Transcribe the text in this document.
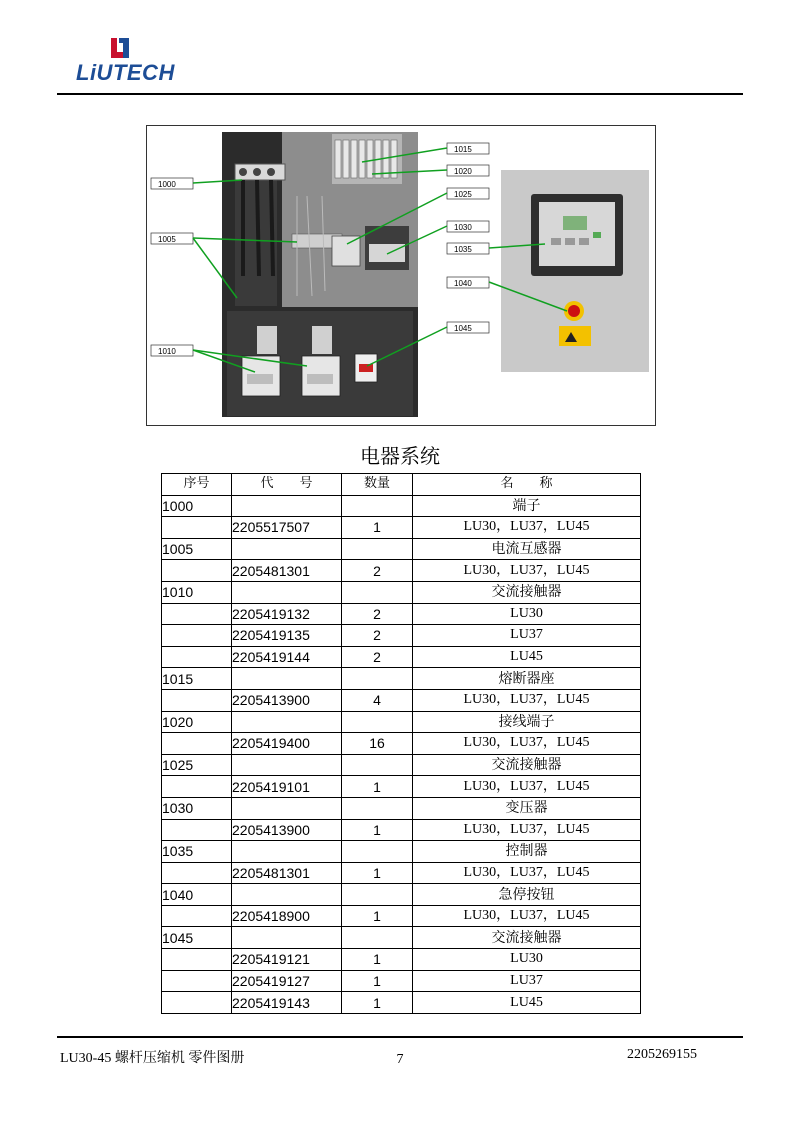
LiUTECH
1000
1005
1010
1015
1020
1025
1030
1035
1040
1045
电器系统
序号	代　　号	数量	名　　称
1000			端子
	2205517507	1	LU30，LU37，LU45
1005			电流互感器
	2205481301	2	LU30，LU37，LU45
1010			交流接触器
	2205419132	2	LU30
	2205419135	2	LU37
	2205419144	2	LU45
1015			熔断器座
	2205413900	4	LU30，LU37，LU45
1020			接线端子
	2205419400	16	LU30，LU37，LU45
1025			交流接触器
	2205419101	1	LU30，LU37，LU45
1030			变压器
	2205413900	1	LU30，LU37，LU45
1035			控制器
	2205481301	1	LU30，LU37，LU45
1040			急停按钮
	2205418900	1	LU30，LU37，LU45
1045			交流接触器
	2205419121	1	LU30
	2205419127	1	LU37
	2205419143	1	LU45
LU30-45 螺杆压缩机 零件图册	7	2205269155
